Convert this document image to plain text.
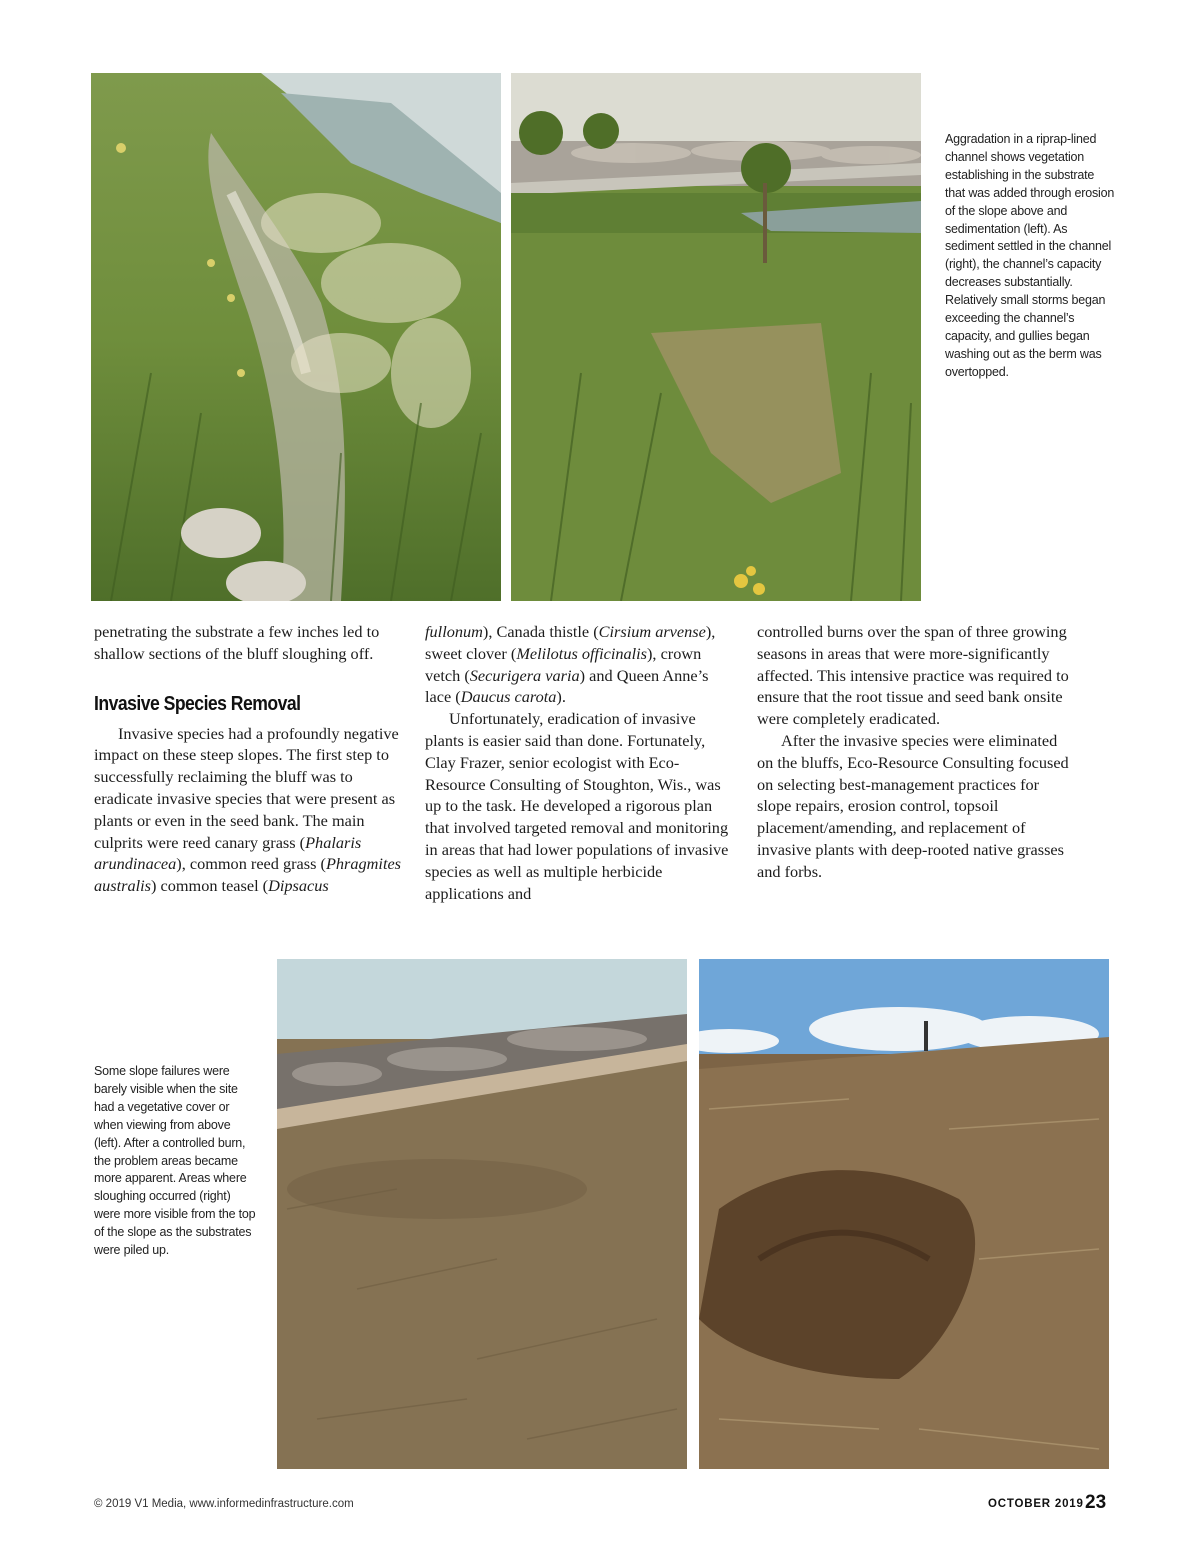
Aggradation in a riprap-lined channel shows vegetation establishing in the substrate that was added through erosion of the slope above and sedimentation (left). As sediment settled in the channel (right), the channel’s capacity decreases substantially. Relatively small storms began exceeding the channel’s capacity, and gullies began washing out as the berm was overtopped.

penetrating the substrate a few inches led to shallow sections of the bluff sloughing off.

Invasive Species Removal

Invasive species had a profoundly negative impact on these steep slopes. The first step to successfully reclaiming the bluff was to eradicate invasive species that were present as plants or even in the seed bank. The main culprits were reed canary grass (Phalaris arundinacea), common reed grass (Phragmites australis) common teasel (Dipsacus

fullonum), Canada thistle (Cirsium arvense), sweet clover (Melilotus officinalis), crown vetch (Securigera varia) and Queen Anne’s lace (Daucus carota).

Unfortunately, eradication of invasive plants is easier said than done. Fortunately, Clay Frazer, senior ecologist with Eco-Resource Consulting of Stoughton, Wis., was up to the task. He developed a rigorous plan that involved targeted removal and monitoring in areas that had lower populations of invasive species as well as multiple herbicide applications and

controlled burns over the span of three growing seasons in areas that were more-significantly affected. This intensive practice was required to ensure that the root tissue and seed bank onsite were completely eradicated.

After the invasive species were eliminated on the bluffs, Eco-Resource Consulting focused on selecting best-management practices for slope repairs, erosion control, topsoil placement/amending, and replacement of invasive plants with deep-rooted native grasses and forbs.

Some slope failures were barely visible when the site had a vegetative cover or when viewing from above (left). After a controlled burn, the problem areas became more apparent. Areas where sloughing occurred (right) were more visible from the top of the slope as the substrates were piled up.

© 2019 V1 Media, www.informedinfrastructure.com	OCTOBER 2019 23
